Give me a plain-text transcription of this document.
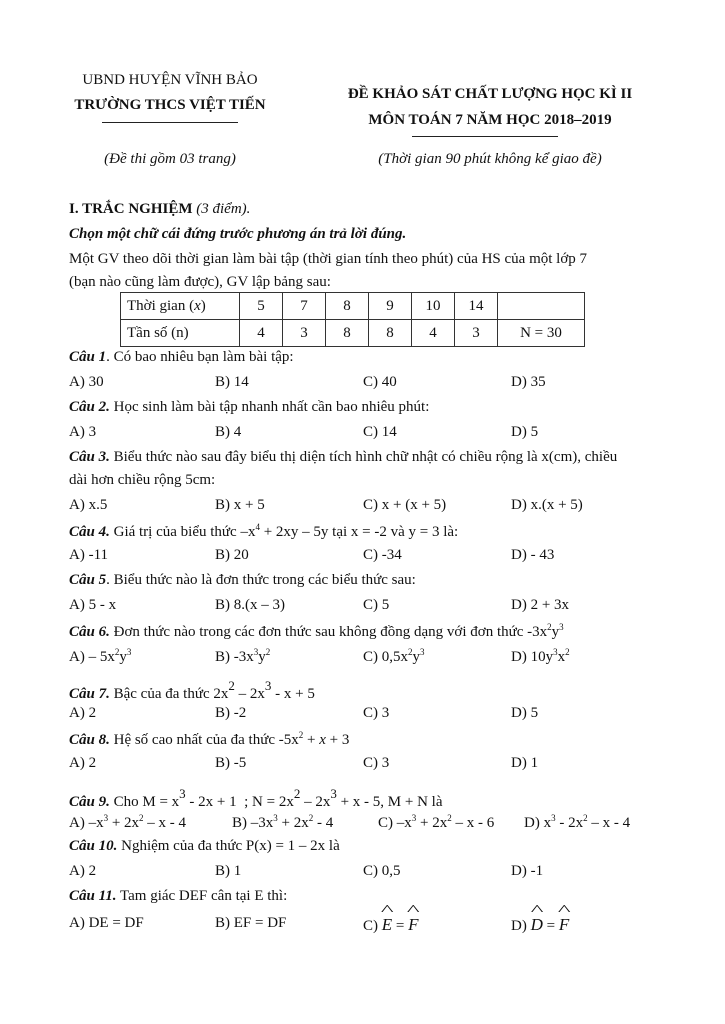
UBND HUYỆN VĨNH BẢO
TRƯỜNG THCS VIỆT TIẾN
(Đề thi gồm 03 trang)
ĐỀ KHẢO SÁT CHẤT LƯỢNG HỌC KÌ II
MÔN TOÁN 7 NĂM HỌC 2018–2019
(Thời gian 90 phút không kể giao đề)
I. TRẮC NGHIỆM (3 điểm).
Chọn một chữ cái đứng trước phương án trả lời đúng.
Một GV theo dõi thời gian làm bài tập (thời gian tính theo phút) của HS của một lớp 7
(bạn nào cũng làm được), GV lập bảng sau:
Thời gian (x)	5	7	8	9	10	14	
Tần số (n)	4	3	8	8	4	3	N = 30
Câu 1. Có bao nhiêu bạn làm bài tập:
A) 30	B) 14	C) 40	D) 35
Câu 2. Học sinh làm bài tập nhanh nhất cần bao nhiêu phút:
A) 3	B) 4	C) 14	D) 5
Câu 3. Biểu thức nào sau đây biểu thị diện tích hình chữ nhật có chiều rộng là x(cm), chiều
dài hơn chiều rộng 5cm:
A) x.5	B) x + 5	C) x + (x + 5)	D) x.(x + 5)
Câu 4. Giá trị của biểu thức $-x^4 + 2xy - 5y$ tại x = -2 và y = 3 là:
A) -11	B) 20	C) -34	D) - 43
Câu 5. Biểu thức nào là đơn thức trong các biểu thức sau:
A) 5 - x	B) 8.(x – 3)	C) 5	D) 2 + 3x
Câu 6. Đơn thức nào trong các đơn thức sau không đồng dạng với đơn thức $-3x^2y^3$
$A) - 5x^2y^3$	B) $-3x^3y^2$	C) $0,5x^2y^3$	D) $10y^3x^2$
Câu 7. Bậc của đa thức $2x^2 - 2x^3 - x + 5$
A) 2	B) -2	C) 3	D) 5
Câu 8. Hệ số cao nhất của đa thức $-5x^2 + x + 3$
A) 2	B) -5	C) 3	D) 1
Câu 9. Cho $M = x^3 - 2x + 1$  ; $N = 2x^2 - 2x^3 + x - 5$, M + N là
A) $-x^3 + 2x^2 - x - 4$	B) $-3x^3 + 2x^2 - 4$	C) $-x^3 + 2x^2 - x - 6$ D) $x^3 - 2x^2$ – x - 4
Câu 10. Nghiệm của đa thức P(x) = 1 – 2x là
A) 2	B) 1	C) 0,5	D) -1
Câu 11. Tam giác DEF cân tại E thì:
A) DE = DF	B) EF = DF	C) ^ E = ^ F	D) ^ D = ^ F
